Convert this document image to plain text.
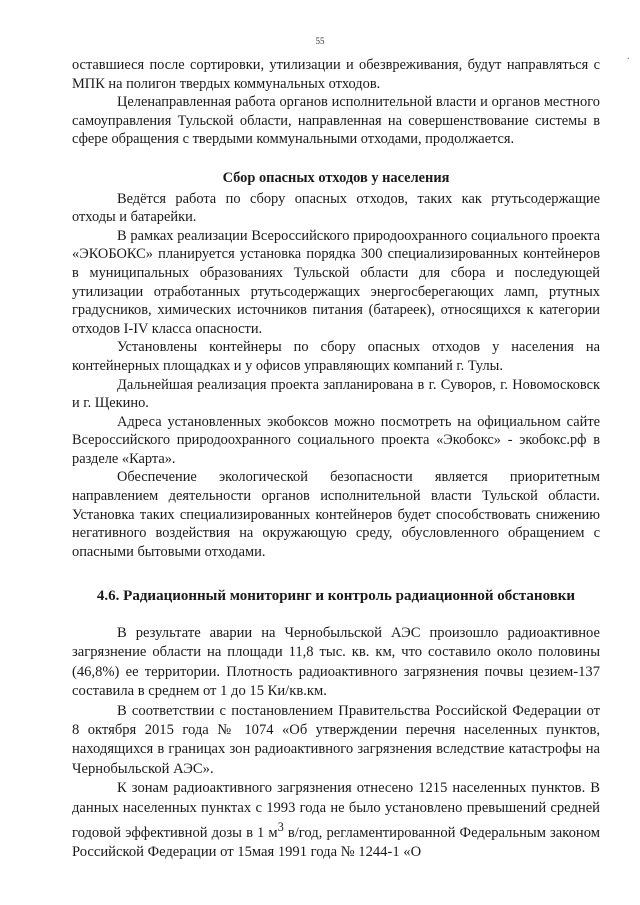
55
·

оставшиеся после сортировки, утилизации и обезвреживания, будут направляться с МПК на полигон твердых коммунальных отходов.

Целенаправленная работа органов исполнительной власти и органов местного самоуправления Тульской области, направленная на совершенствование системы в сфере обращения с твердыми коммунальными отходами, продолжается.

Сбор опасных отходов у населения

Ведётся работа по сбору опасных отходов, таких как ртутьсодержащие отходы и батарейки.

В рамках реализации Всероссийского природоохранного социального проекта «ЭКОБОКС» планируется установка порядка 300 специализированных контейнеров в муниципальных образованиях Тульской области для сбора и последующей утилизации отработанных ртутьсодержащих энергосберегающих ламп, ртутных градусников, химических источников питания (батареек), относящихся к категории отходов I-IV класса опасности.

Установлены контейнеры по сбору опасных отходов у населения на контейнерных площадках и у офисов управляющих компаний г. Тулы.

Дальнейшая реализация проекта запланирована в г. Суворов, г. Новомосковск и г. Щекино.

Адреса установленных экобоксов можно посмотреть на официальном сайте Всероссийского природоохранного социального проекта «Экобокс» - экобокс.рф в разделе «Карта».

Обеспечение экологической безопасности является приоритетным направлением деятельности органов исполнительной власти Тульской области. Установка таких специализированных контейнеров будет способствовать снижению негативного воздействия на окружающую среду, обусловленного обращением с опасными бытовыми отходами.

4.6. Радиационный мониторинг и контроль радиационной обстановки

В результате аварии на Чернобыльской АЭС произошло радиоактивное загрязнение области на площади 11,8 тыс. кв. км, что составило около половины (46,8%) ее территории. Плотность радиоактивного загрязнения почвы цезием-137 составила в среднем от 1 до 15 Ки/кв.км.

В соответствии с постановлением Правительства Российской Федерации от 8 октября 2015 года № 1074 «Об утверждении перечня населенных пунктов, находящихся в границах зон радиоактивного загрязнения вследствие катастрофы на Чернобыльской АЭС».

К зонам радиоактивного загрязнения отнесено 1215 населенных пунктов. В данных населенных пунктах с 1993 года не было установлено превышений средней годовой эффективной дозы в 1 $м^3$ в/год, регламентированной Федеральным законом Российской Федерации от 15мая 1991 года № 1244-1 «О
